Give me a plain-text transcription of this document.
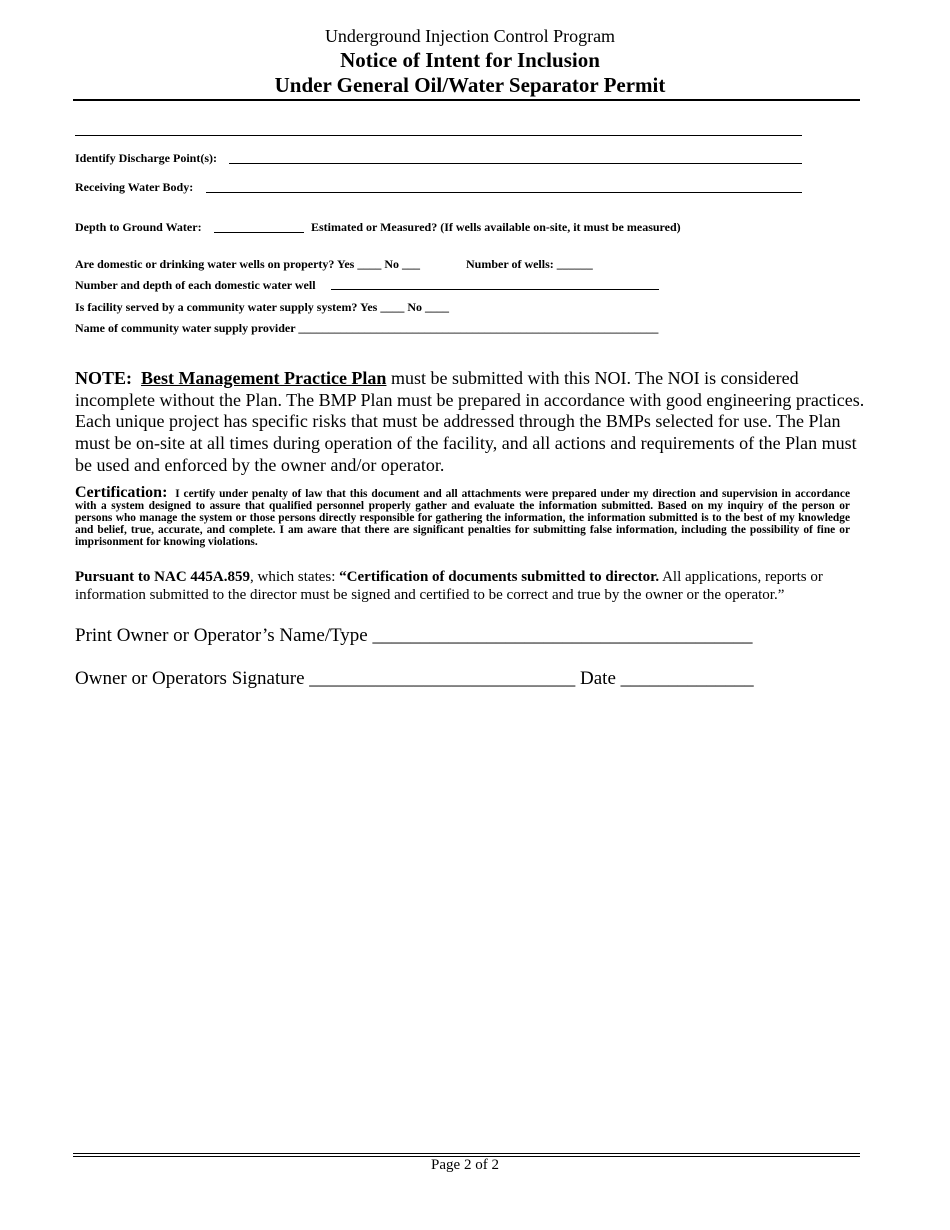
Underground Injection Control Program
Notice of Intent for Inclusion
Under General Oil/Water Separator Permit
Identify Discharge Point(s):
Receiving Water Body:
Depth to Ground Water:	Estimated or Measured? (If wells available on-site, it must be measured)
Are domestic or drinking water wells on property? Yes ____ No ___	Number of wells: ______
Number and depth of each domestic water well
Is facility served by a community water supply system? Yes ____ No ____
Name of community water supply provider ____________________________________________________________
NOTE: Best Management Practice Plan must be submitted with this NOI. The NOI is considered incomplete without the Plan. The BMP Plan must be prepared in accordance with good engineering practices. Each unique project has specific risks that must be addressed through the BMPs selected for use. The Plan must be on-site at all times during operation of the facility, and all actions and requirements of the Plan must be used and enforced by the owner and/or operator.
Certification: I certify under penalty of law that this document and all attachments were prepared under my direction and supervision in accordance with a system designed to assure that qualified personnel properly gather and evaluate the information submitted. Based on my inquiry of the person or persons who manage the system or those persons directly responsible for gathering the information, the information submitted is to the best of my knowledge and belief, true, accurate, and complete. I am aware that there are significant penalties for submitting false information, including the possibility of fine or imprisonment for knowing violations.
Pursuant to NAC 445A.859, which states: “Certification of documents submitted to director. All applications, reports or information submitted to the director must be signed and certified to be correct and true by the owner or the operator.”
Print Owner or Operator’s Name/Type ________________________________________
Owner or Operators Signature ____________________________ Date ______________
Page 2 of 2
